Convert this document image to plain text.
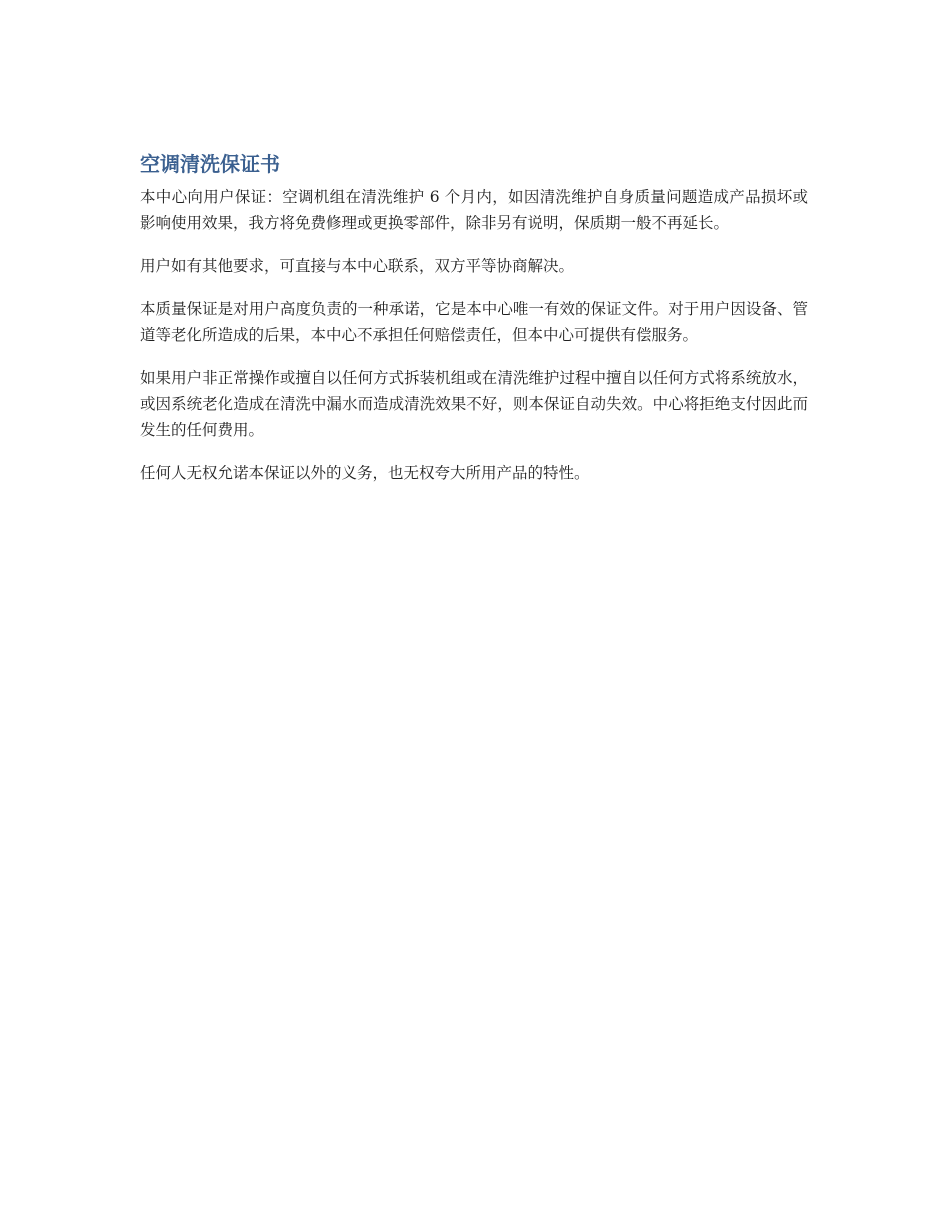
空调清洗保证书

本中心向用户保证：空调机组在清洗维护 6 个月内，如因清洗维护自身质量问题造成产品损坏或影响使用效果，我方将免费修理或更换零部件，除非另有说明，保质期一般不再延长。

用户如有其他要求，可直接与本中心联系，双方平等协商解决。

本质量保证是对用户高度负责的一种承诺，它是本中心唯一有效的保证文件。对于用户因设备、管道等老化所造成的后果，本中心不承担任何赔偿责任，但本中心可提供有偿服务。

如果用户非正常操作或擅自以任何方式拆装机组或在清洗维护过程中擅自以任何方式将系统放水，或因系统老化造成在清洗中漏水而造成清洗效果不好，则本保证自动失效。中心将拒绝支付因此而发生的任何费用。

任何人无权允诺本保证以外的义务，也无权夸大所用产品的特性。
